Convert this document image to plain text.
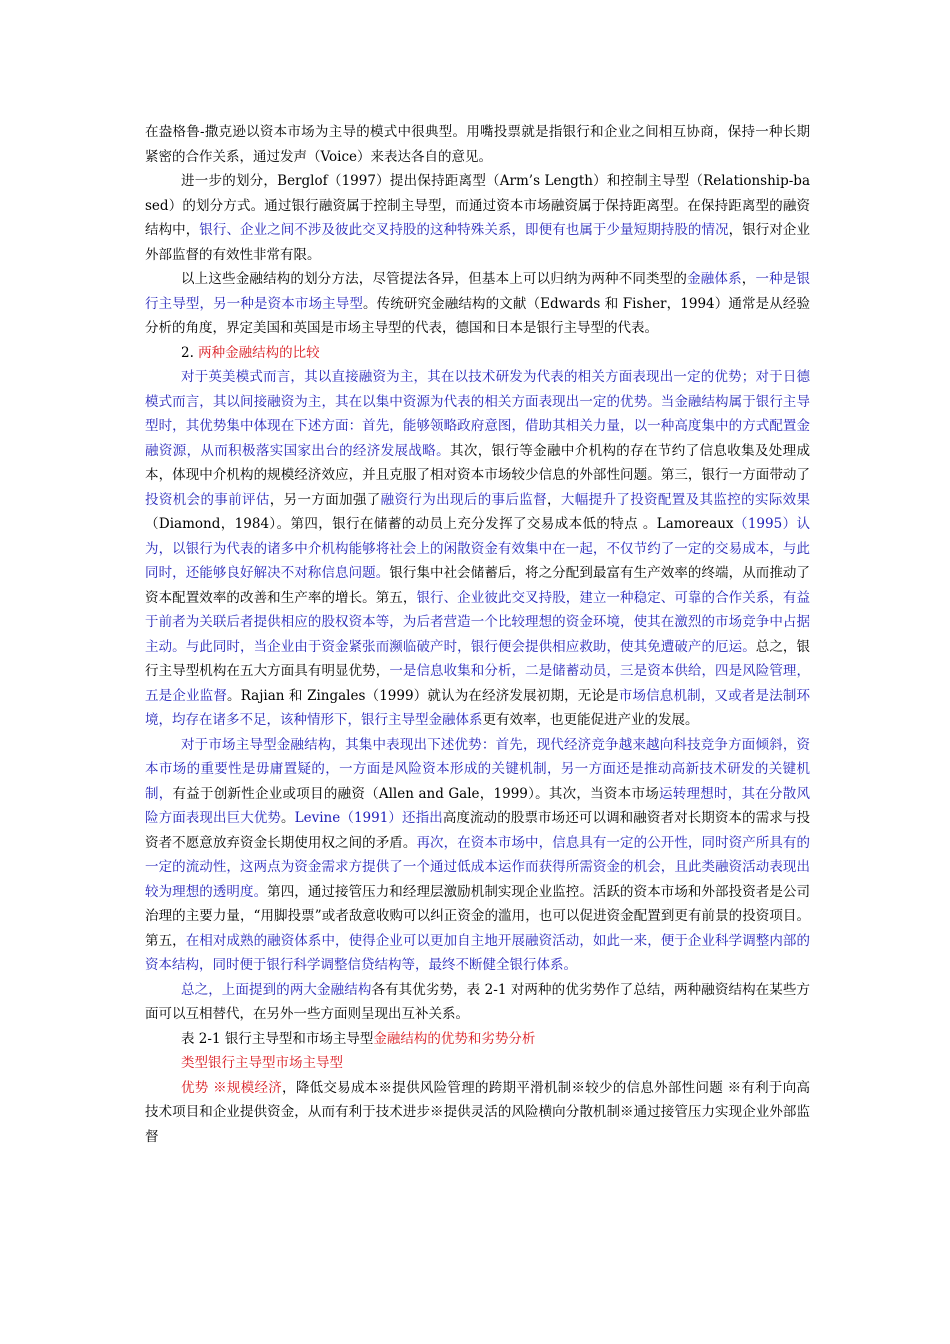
在盎格鲁-撒克逊以资本市场为主导的模式中很典型。用嘴投票就是指银行和企业之间相互协商，保持一种长期紧密的合作关系，通过发声（Voice）来表达各自的意见。

进一步的划分，Berglof（1997）提出保持距离型（Arm’s Length）和控制主导型（Relationship-based）的划分方式。通过银行融资属于控制主导型，而通过资本市场融资属于保持距离型。在保持距离型的融资结构中，银行、企业之间不涉及彼此交叉持股的这种特殊关系，即便有也属于少量短期持股的情况，银行对企业外部监督的有效性非常有限。

以上这些金融结构的划分方法，尽管提法各异，但基本上可以归纳为两种不同类型的金融体系，一种是银行主导型，另一种是资本市场主导型。传统研究金融结构的文献（Edwards 和 Fisher，1994）通常是从经验分析的角度，界定美国和英国是市场主导型的代表，德国和日本是银行主导型的代表。

2. 两种金融结构的比较

对于英美模式而言，其以直接融资为主，其在以技术研发为代表的相关方面表现出一定的优势；对于日德模式而言，其以间接融资为主，其在以集中资源为代表的相关方面表现出一定的优势。当金融结构属于银行主导型时，其优势集中体现在下述方面：首先，能够领略政府意图，借助其相关力量，以一种高度集中的方式配置金融资源，从而积极落实国家出台的经济发展战略。其次，银行等金融中介机构的存在节约了信息收集及处理成本，体现中介机构的规模经济效应，并且克服了相对资本市场较少信息的外部性问题。第三，银行一方面带动了投资机会的事前评估，另一方面加强了融资行为出现后的事后监督，大幅提升了投资配置及其监控的实际效果（Diamond，1984）。第四，银行在储蓄的动员上充分发挥了交易成本低的特点 。Lamoreaux（1995）认为，以银行为代表的诸多中介机构能够将社会上的闲散资金有效集中在一起，不仅节约了一定的交易成本，与此同时，还能够良好解决不对称信息问题。银行集中社会储蓄后，将之分配到最富有生产效率的终端，从而推动了资本配置效率的改善和生产率的增长。第五，银行、企业彼此交叉持股，建立一种稳定、可靠的合作关系，有益于前者为关联后者提供相应的股权资本等，为后者营造一个比较理想的资金环境，使其在激烈的市场竞争中占据主动。与此同时，当企业由于资金紧张而濒临破产时，银行便会提供相应救助，使其免遭破产的厄运。总之，银行主导型机构在五大方面具有明显优势，一是信息收集和分析，二是储蓄动员，三是资本供给，四是风险管理，五是企业监督。Rajian 和 Zingales（1999）就认为在经济发展初期，无论是市场信息机制，又或者是法制环境，均存在诸多不足，该种情形下，银行主导型金融体系更有效率，也更能促进产业的发展。

对于市场主导型金融结构，其集中表现出下述优势：首先，现代经济竞争越来越向科技竞争方面倾斜，资本市场的重要性是毋庸置疑的，一方面是风险资本形成的关键机制，另一方面还是推动高新技术研发的关键机制，有益于创新性企业或项目的融资（Allen and Gale，1999）。其次，当资本市场运转理想时，其在分散风险方面表现出巨大优势。Levine（1991）还指出高度流动的股票市场还可以调和融资者对长期资本的需求与投资者不愿意放弃资金长期使用权之间的矛盾。再次，在资本市场中，信息具有一定的公开性，同时资产所具有的一定的流动性，这两点为资金需求方提供了一个通过低成本运作而获得所需资金的机会，且此类融资活动表现出较为理想的透明度。第四，通过接管压力和经理层激励机制实现企业监控。活跃的资本市场和外部投资者是公司治理的主要力量，“用脚投票”或者敌意收购可以纠正资金的滥用，也可以促进资金配置到更有前景的投资项目。第五，在相对成熟的融资体系中，使得企业可以更加自主地开展融资活动，如此一来，便于企业科学调整内部的资本结构，同时便于银行科学调整信贷结构等，最终不断健全银行体系。

总之，上面提到的两大金融结构各有其优劣势，表 2-1 对两种的优劣势作了总结，两种融资结构在某些方面可以互相替代，在另外一些方面则呈现出互补关系。

表 2-1 银行主导型和市场主导型金融结构的优势和劣势分析

类型银行主导型市场主导型

优势 ※规模经济，降低交易成本※提供风险管理的跨期平滑机制※较少的信息外部性问题 ※有利于向高技术项目和企业提供资金，从而有利于技术进步※提供灵活的风险横向分散机制※通过接管压力实现企业外部监督
